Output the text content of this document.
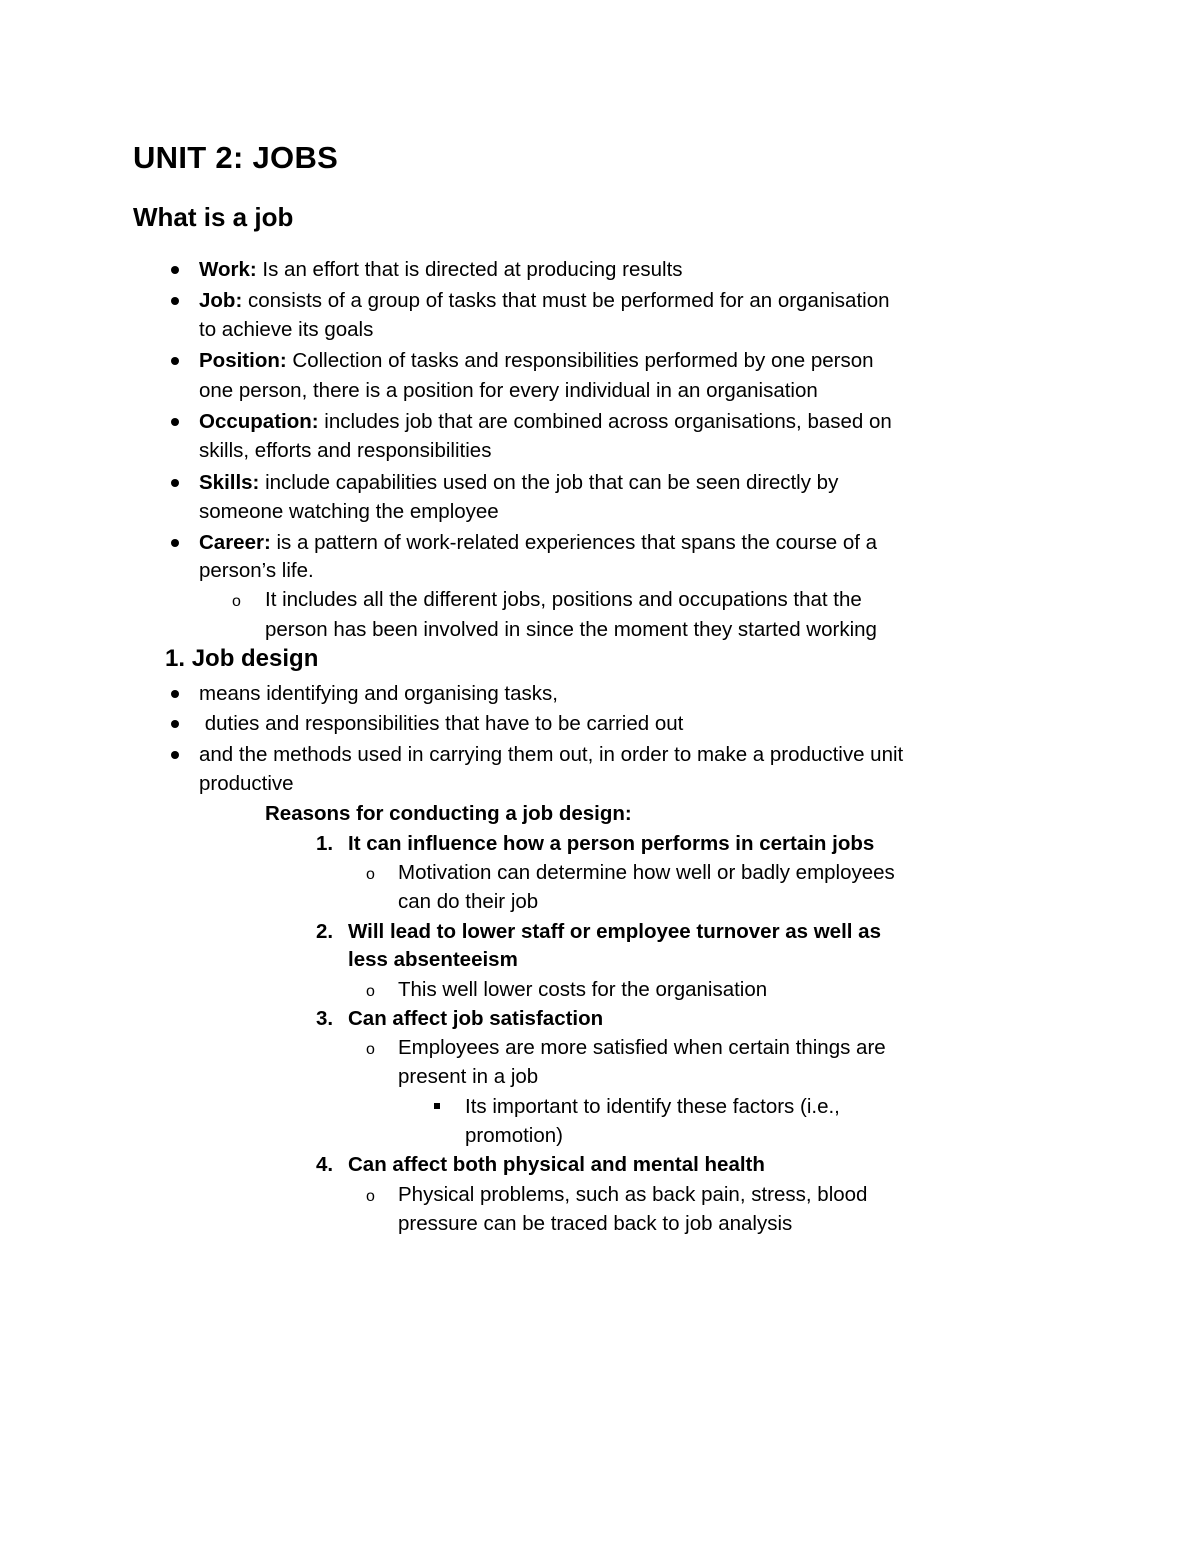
UNIT 2: JOBS
What is a job
Work: Is an effort that is directed at producing results
Job: consists of a group of tasks that must be performed for an organisation
to achieve its goals
Position: Collection of tasks and responsibilities performed by one person
one person, there is a position for every individual in an organisation
Occupation: includes job that are combined across organisations, based on
skills, efforts and responsibilities
Skills: include capabilities used on the job that can be seen directly by
someone watching the employee
Career: is a pattern of work-related experiences that spans the course of a
person’s life.
o It includes all the different jobs, positions and occupations that the
person has been involved in since the moment they started working
1. Job design
means identifying and organising tasks,
duties and responsibilities that have to be carried out
and the methods used in carrying them out, in order to make a productive unit
productive
Reasons for conducting a job design:
1. It can influence how a person performs in certain jobs
o Motivation can determine how well or badly employees
can do their job
2. Will lead to lower staff or employee turnover as well as
less absenteeism
o This well lower costs for the organisation
3. Can affect job satisfaction
o Employees are more satisfied when certain things are
present in a job
Its important to identify these factors (i.e.,
promotion)
4. Can affect both physical and mental health
o Physical problems, such as back pain, stress, blood
pressure can be traced back to job analysis
